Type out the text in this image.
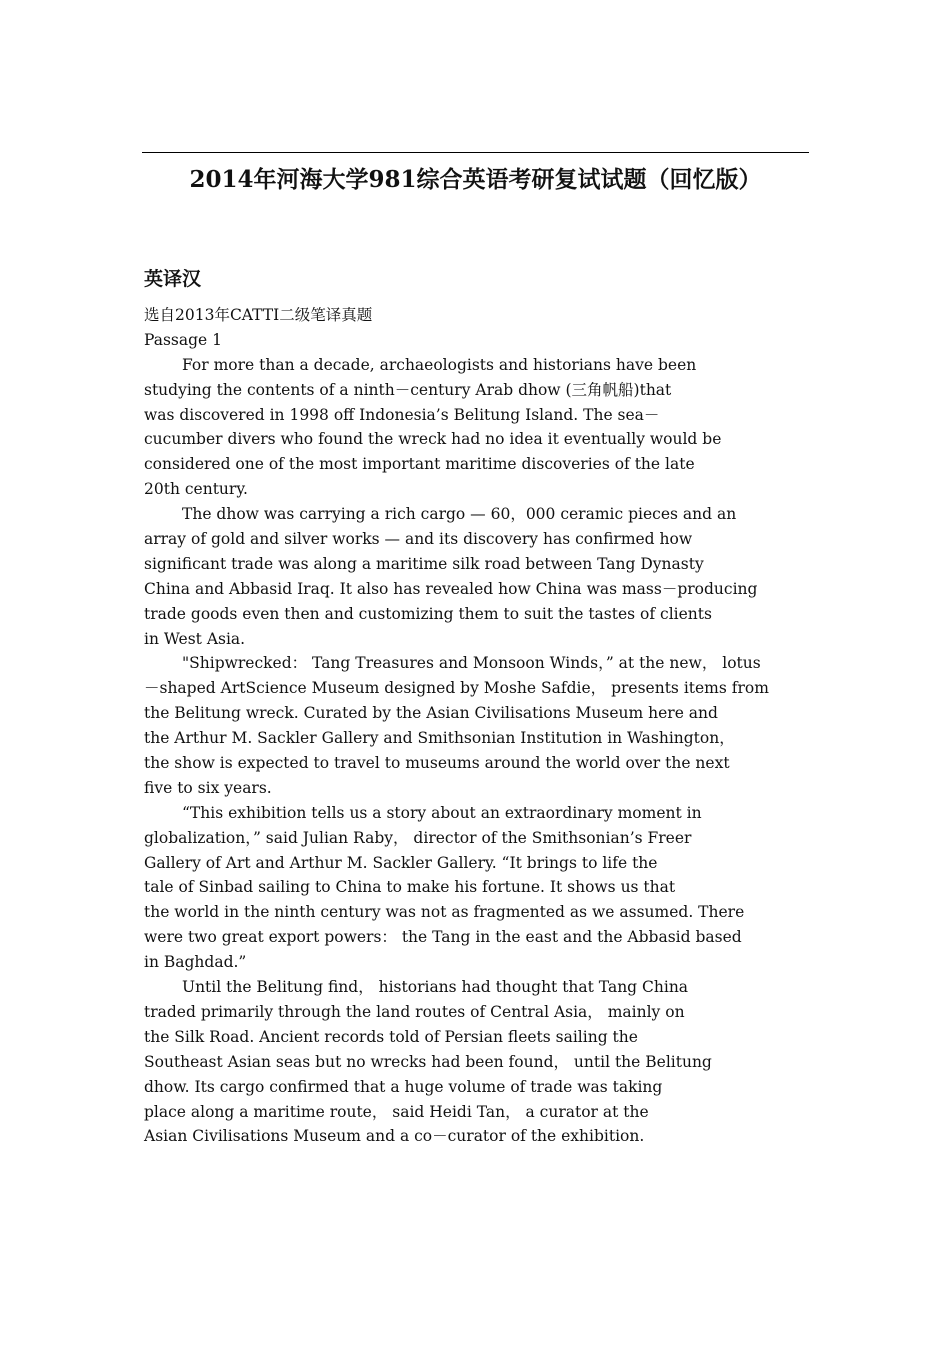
2014年河海大学981综合英语考研复试试题（回忆版）
英译汉
选自2013年CATTI二级笔译真题
Passage 1
For more than a decade, archaeologists and historians have been
studying the contents of a ninth－century Arab dhow (三角帆船)that
was discovered in 1998 off Indonesia’s Belitung Island. The sea－
cucumber divers who found the wreck had no idea it eventually would be
considered one of the most important maritime discoveries of the late
20th century.
The dhow was carrying a rich cargo — 60，000 ceramic pieces and an
array of gold and silver works — and its discovery has confirmed how
significant trade was along a maritime silk road between Tang Dynasty
China and Abbasid Iraq. It also has revealed how China was mass－producing
trade goods even then and customizing them to suit the tastes of clients
in West Asia.
"Shipwrecked： Tang Treasures and Monsoon Winds，” at the new， lotus
－shaped ArtScience Museum designed by Moshe Safdie， presents items from
the Belitung wreck. Curated by the Asian Civilisations Museum here and
the Arthur M. Sackler Gallery and Smithsonian Institution in Washington，
the show is expected to travel to museums around the world over the next
five to six years.
“This exhibition tells us a story about an extraordinary moment in
globalization，” said Julian Raby， director of the Smithsonian’s Freer
Gallery of Art and Arthur M. Sackler Gallery. “It brings to life the
tale of Sinbad sailing to China to make his fortune. It shows us that
the world in the ninth century was not as fragmented as we assumed. There
were two great export powers： the Tang in the east and the Abbasid based
in Baghdad.”
Until the Belitung find， historians had thought that Tang China
traded primarily through the land routes of Central Asia， mainly on
the Silk Road. Ancient records told of Persian fleets sailing the
Southeast Asian seas but no wrecks had been found， until the Belitung
dhow. Its cargo confirmed that a huge volume of trade was taking
place along a maritime route， said Heidi Tan， a curator at the
Asian Civilisations Museum and a co－curator of the exhibition.
